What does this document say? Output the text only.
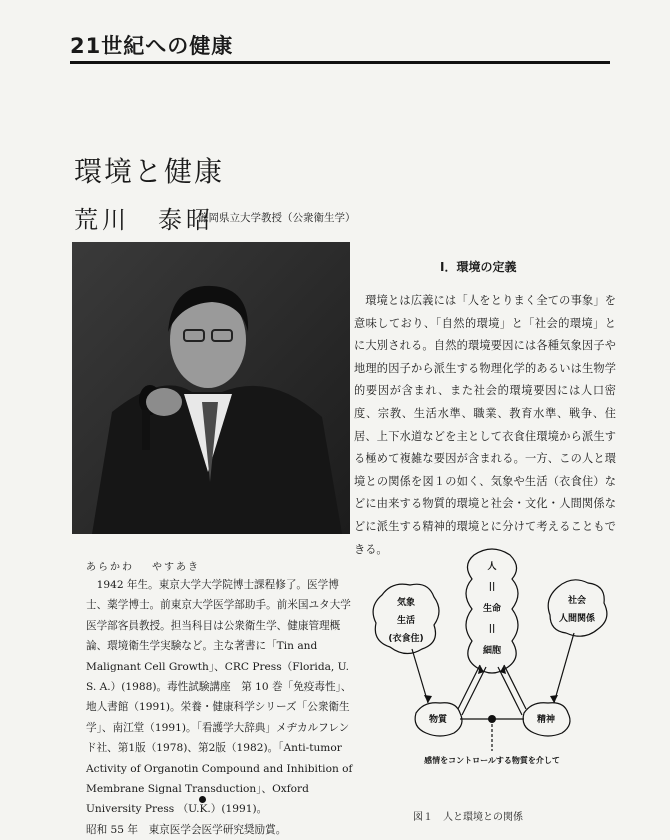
21世紀への健康
環境と健康
荒川　泰昭
静岡県立大学教授（公衆衛生学）
あらかわ やすあき

1942 年生。東京大学大学院博士課程修了。医学博士、薬学博士。前東京大学医学部助手。前米国ユタ大学医学部客員教授。担当科目は公衆衛生学、健康管理概論、環境衛生学実験など。主な著書に「Tin and Malignant Cell Growth」、CRC Press（Florida, U. S. A.）(1988)。毒性試験講座　第 10 巻「免疫毒性」、地人書館（1991)。栄養・健康科学シリーズ「公衆衛生学」、南江堂（1991)。「看護学大辞典」メヂカルフレンド社、第1版（1978)、第2版（1982)。「Anti-tumor Activity of Organotin Compound and Inhibition of Membrane Signal Transduction」、Oxford University Press （U.K.）(1991)。

昭和 55 年　東京医学会医学研究奨励賞。

Ⅰ．環境の定義

環境とは広義には「人をとりまく全ての事象」を意味しており、「自然的環境」と「社会的環境」とに大別される。自然的環境要因には各種気象因子や地理的因子から派生する物理化学的あるいは生物学的要因が含まれ、また社会的環境要因には人口密度、宗教、生活水準、職業、教育水準、戦争、住居、上下水道などを主として衣食住環境から派生する極めて複雑な要因が含まれる。一方、この人と環境との関係を図１の如く、気象や生活（衣食住）などに由来する物質的環境と社会・文化・人間関係などに派生する精神的環境とに分けて考えることもできる。

人
||
生命
||
細胞
気象
生活
(衣食住)
社会
人間関係
物質	精神
感情をコントロールする物質を介して
図１　人と環境との関係
